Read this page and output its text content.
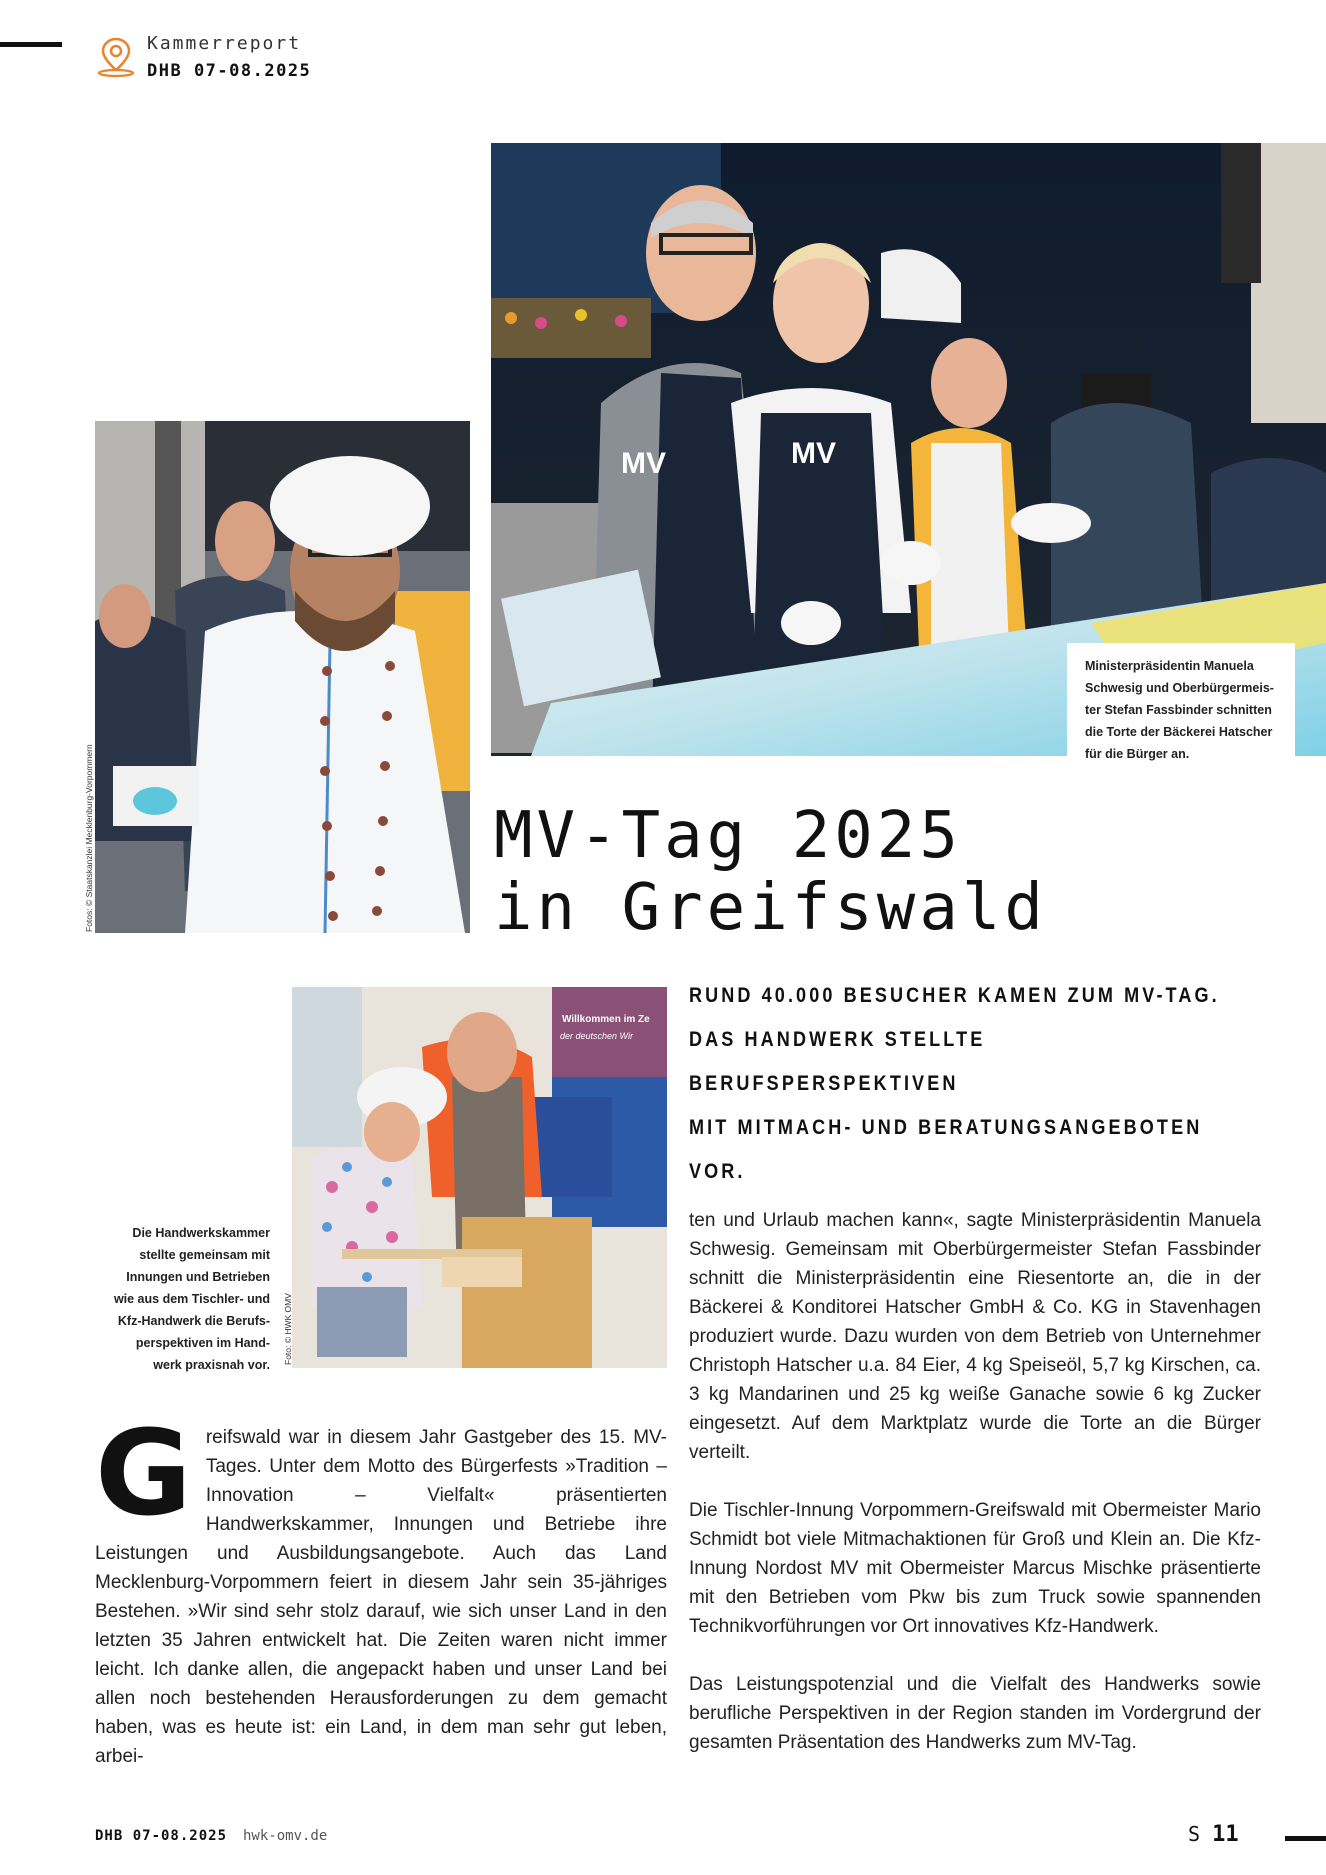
Kammerreport
DHB 07-08.2025
MV
MV
Ministerpräsidentin Manuela
Schwesig und Oberbürgermeis-
ter Stefan Fassbinder schnitten
die Torte der Bäckerei Hatscher
für die Bürger an.
Fotos: © Staatskanzlei Mecklenburg-Vorpommern	MV-Tag 2025
in Greifswald
RUND 40.000 BESUCHER KAMEN ZUM MV-TAG.
DAS HANDWERK STELLTE BERUFSPERSPEKTIVEN
MIT MITMACH- UND BERATUNGSANGEBOTEN VOR.
Willkommen im Ze
der deutschen Wir
Foto: © HWK OMV
Die Handwerkskammer
stellte gemeinsam mit
Innungen und Betrieben
wie aus dem Tischler- und
Kfz-Handwerk die Berufs-
perspektiven im Hand-
werk praxisnah vor.
G reifswald war in diesem Jahr Gastgeber des 15. MV-Tages. Unter dem Motto des Bürgerfests »Tradition – Innovation – Vielfalt« präsentierten Handwerkskammer, Innungen und Betriebe ihre Leistungen und Ausbildungsangebote. Auch das Land Mecklenburg-Vorpommern feiert in diesem Jahr sein 35-jähriges Bestehen. »Wir sind sehr stolz darauf, wie sich unser Land in den letzten 35 Jahren entwickelt hat. Die Zeiten waren nicht immer leicht. Ich danke allen, die angepackt haben und unser Land bei allen noch bestehenden Herausforderungen zu dem gemacht haben, was es heute ist: ein Land, in dem man sehr gut leben, arbei-

ten und Urlaub machen kann«, sagte Ministerpräsidentin Manuela Schwesig. Gemeinsam mit Oberbürgermeister Stefan Fassbinder schnitt die Ministerpräsidentin eine Riesentorte an, die in der Bäckerei & Konditorei Hatscher GmbH & Co. KG in Stavenhagen produziert wurde. Dazu wurden von dem Betrieb von Unternehmer Christoph Hatscher u.a. 84 Eier, 4 kg Speiseöl, 5,7 kg Kirschen, ca. 3 kg Mandarinen und 25 kg weiße Ganache sowie 6 kg Zucker eingesetzt. Auf dem Marktplatz wurde die Torte an die Bürger verteilt.

Die Tischler-Innung Vorpommern-Greifswald mit Obermeister Mario Schmidt bot viele Mitmachaktionen für Groß und Klein an. Die Kfz-Innung Nordost MV mit Obermeister Marcus Mischke präsentierte mit den Betrieben vom Pkw bis zum Truck sowie spannenden Technikvorführungen vor Ort innovatives Kfz-Handwerk.

Das Leistungspotenzial und die Vielfalt des Handwerks sowie berufliche Perspektiven in der Region standen im Vordergrund der gesamten Präsentation des Handwerks zum MV-Tag.

DHB 07-08.2025 hwk-omv.de	S 11
